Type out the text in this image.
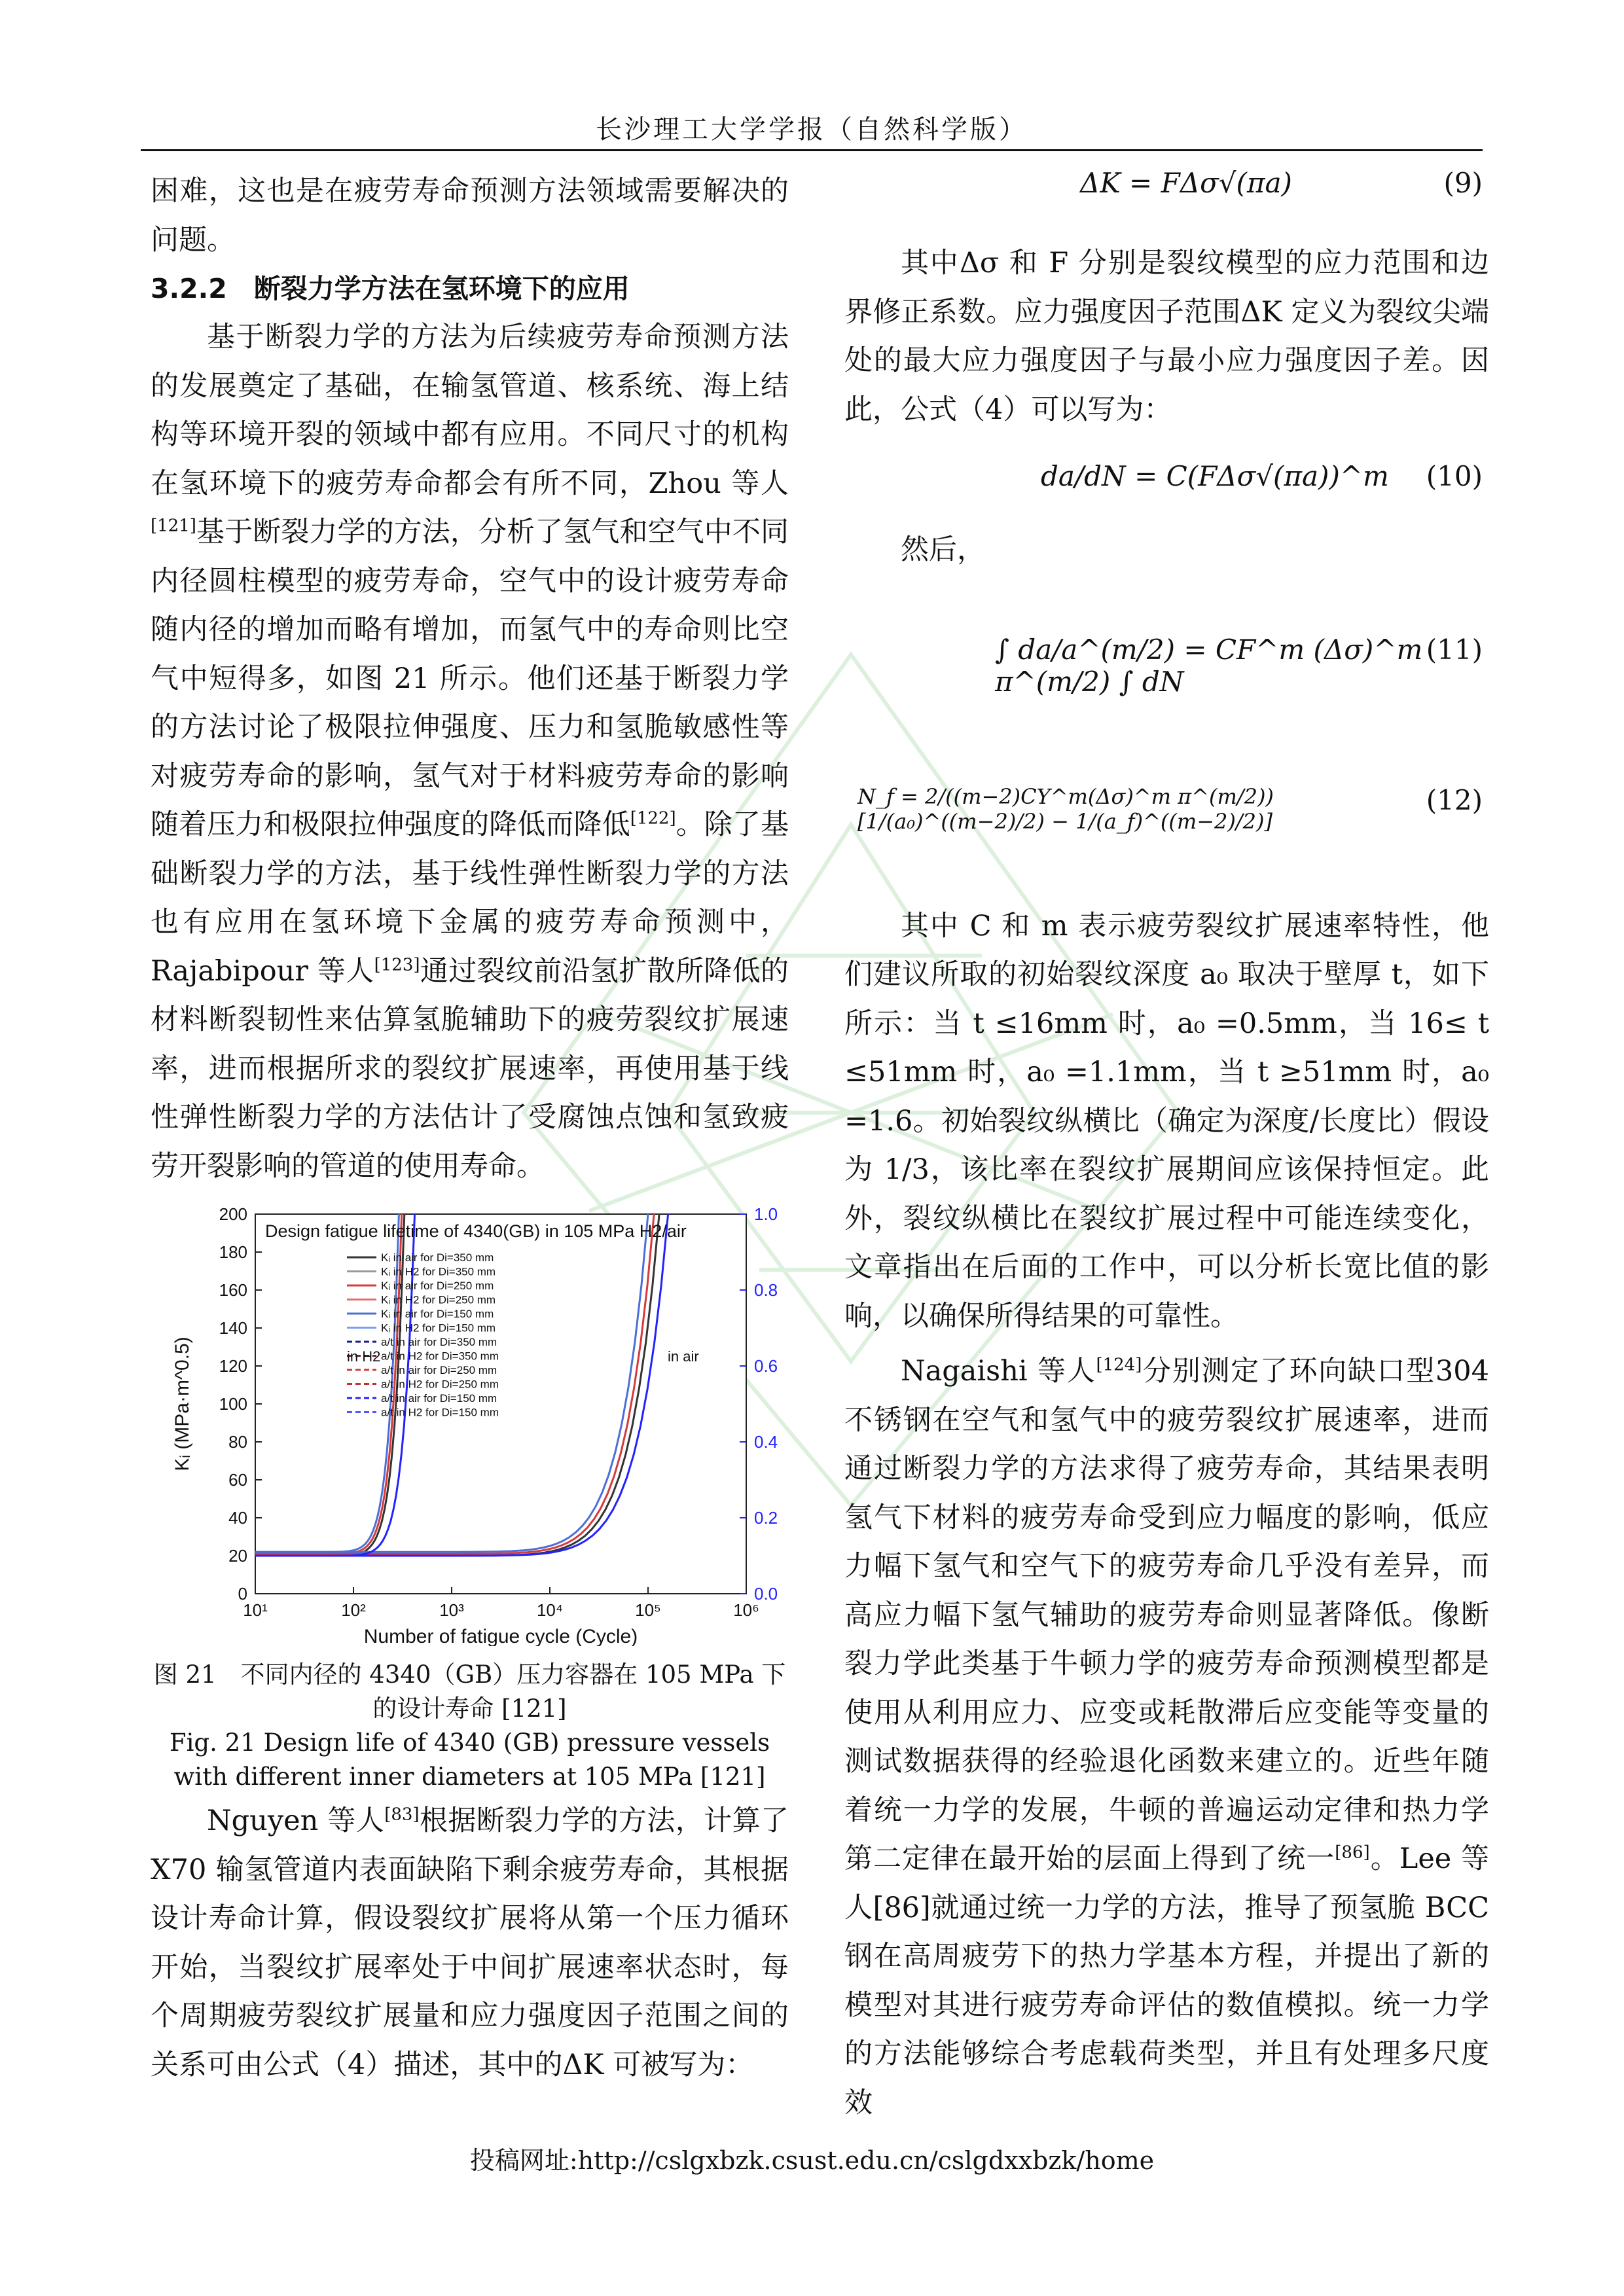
长沙理工大学学报（自然科学版）

困难，这也是在疲劳寿命预测方法领域需要解决的问题。

3.2.2　断裂力学方法在氢环境下的应用

基于断裂力学的方法为后续疲劳寿命预测方法的发展奠定了基础，在输氢管道、核系统、海上结构等环境开裂的领域中都有应用。不同尺寸的机构在氢环境下的疲劳寿命都会有所不同，Zhou 等人[121]基于断裂力学的方法，分析了氢气和空气中不同内径圆柱模型的疲劳寿命，空气中的设计疲劳寿命随内径的增加而略有增加，而氢气中的寿命则比空气中短得多，如图 21 所示。他们还基于断裂力学的方法讨论了极限拉伸强度、压力和氢脆敏感性等对疲劳寿命的影响，氢气对于材料疲劳寿命的影响随着压力和极限拉伸强度的降低而降低[122]。除了基础断裂力学的方法，基于线性弹性断裂力学的方法也有应用在氢环境下金属的疲劳寿命预测中，Rajabipour 等人[123]通过裂纹前沿氢扩散所降低的材料断裂韧性来估算氢脆辅助下的疲劳裂纹扩展速率，进而根据所求的裂纹扩展速率，再使用基于线性弹性断裂力学的方法估计了受腐蚀点蚀和氢致疲劳开裂影响的管道的使用寿命。

0
20
40
60
80
100
120
140
160
180
200
0.0
0.2
0.4
0.6
0.8
1.0
10¹	10²	10³	10⁴	10⁵	10⁶
Design fatigue lifetime of 4340(GB) in 105 MPa H2/air
Kᵢ in air for Di=350 mm
Kᵢ in H2 for Di=350 mm
Kᵢ in air for Di=250 mm
Kᵢ in H2 for Di=250 mm
Kᵢ in air for Di=150 mm
Kᵢ in H2 for Di=150 mm
a/t in air for Di=350 mm
a/t in H2 for Di=350 mm
a/t in air for Di=250 mm
a/t in H2 for Di=250 mm
a/t in air for Di=150 mm
a/t in H2 for Di=150 mm
in H2	in air
Number of fatigue cycle (Cycle)
Kᵢ (MPa·m^0.5)

图 21　不同内径的 4340（GB）压力容器在 105 MPa 下的设计寿命 [121]

Fig. 21 Design life of 4340 (GB) pressure vessels with different inner diameters at 105 MPa [121]

Nguyen 等人[83]根据断裂力学的方法，计算了 X70 输氢管道内表面缺陷下剩余疲劳寿命，其根据设计寿命计算，假设裂纹扩展将从第一个压力循环开始，当裂纹扩展率处于中间扩展速率状态时，每个周期疲劳裂纹扩展量和应力强度因子范围之间的关系可由公式（4）描述，其中的ΔK 可被写为：

ΔK = FΔσ√(πa)	(9)

其中Δσ 和 F 分别是裂纹模型的应力范围和边界修正系数。应力强度因子范围ΔK 定义为裂纹尖端处的最大应力强度因子与最小应力强度因子差。因此，公式（4）可以写为：

da/dN = C(FΔσ√(πa))^m (10)

然后，

∫ da/a^(m/2) = CF^m (Δσ)^m π^(m/2) ∫ dN
(11)
N_f = 2/((m−2)CY^m(Δσ)^m π^(m/2)) [1/(a₀)^((m−2)/2) − 1/(a_f)^((m−2)/2)]
(12)

其中 C 和 m 表示疲劳裂纹扩展速率特性，他们建议所取的初始裂纹深度 a₀ 取决于壁厚 t，如下所示：当 t ≤16mm 时，a₀ =0.5mm，当 16≤ t ≤51mm 时，a₀ =1.1mm，当 t ≥51mm 时，a₀ =1.6。初始裂纹纵横比（确定为深度/长度比）假设为 1/3，该比率在裂纹扩展期间应该保持恒定。此外，裂纹纵横比在裂纹扩展过程中可能连续变化，文章指出在后面的工作中，可以分析长宽比值的影响，以确保所得结果的可靠性。

Nagaishi 等人[124]分别测定了环向缺口型304 不锈钢在空气和氢气中的疲劳裂纹扩展速率，进而通过断裂力学的方法求得了疲劳寿命，其结果表明氢气下材料的疲劳寿命受到应力幅度的影响，低应力幅下氢气和空气下的疲劳寿命几乎没有差异，而高应力幅下氢气辅助的疲劳寿命则显著降低。像断裂力学此类基于牛顿力学的疲劳寿命预测模型都是使用从利用应力、应变或耗散滞后应变能等变量的测试数据获得的经验退化函数来建立的。近些年随着统一力学的发展，牛顿的普遍运动定律和热力学第二定律在最开始的层面上得到了统一[86]。Lee 等人[86]就通过统一力学的方法，推导了预氢脆 BCC 钢在高周疲劳下的热力学基本方程，并提出了新的模型对其进行疲劳寿命评估的数值模拟。统一力学的方法能够综合考虑载荷类型，并且有处理多尺度效

投稿网址:http://cslgxbzk.csust.edu.cn/cslgdxxbzk/home
